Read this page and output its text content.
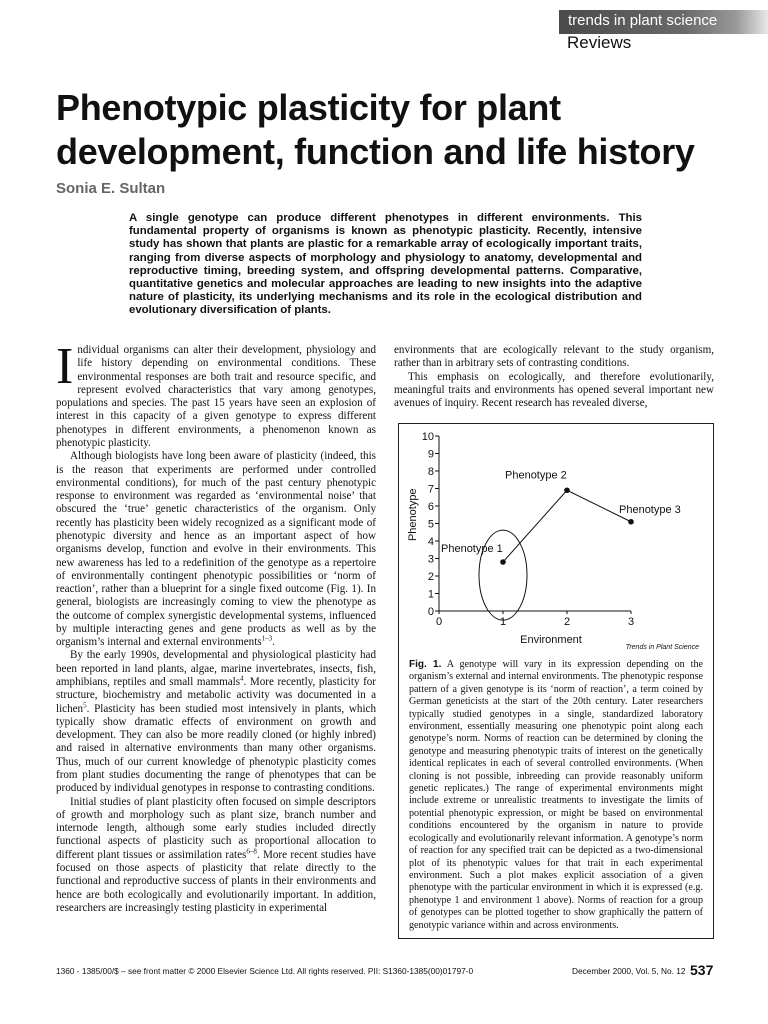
trends in plant science
Reviews
Phenotypic plasticity for plant development, function and life history
Sonia E. Sultan

A single genotype can produce different phenotypes in different environments. This fundamental property of organisms is known as phenotypic plasticity. Recently, intensive study has shown that plants are plastic for a remarkable array of ecologically important traits, ranging from diverse aspects of morphology and physiology to anatomy, developmental and reproductive timing, breeding system, and offspring developmental patterns. Comparative, quantitative genetics and molecular approaches are leading to new insights into the adaptive nature of plasticity, its underlying mechanisms and its role in the ecological distribution and evolutionary diversification of plants.

Individual organisms can alter their development, physiology and life history depending on environmental conditions. These environmental responses are both trait and resource specific, and represent evolved characteristics that vary among genotypes, populations and species. The past 15 years have seen an explosion of interest in this capacity of a given genotype to express different phenotypes in different environments, a phenomenon known as phenotypic plasticity.

Although biologists have long been aware of plasticity (indeed, this is the reason that experiments are performed under controlled environmental conditions), for much of the past century phenotypic response to environment was regarded as ‘environmental noise’ that obscured the ‘true’ genetic characteristics of the organism. Only recently has plasticity been widely recognized as a significant mode of phenotypic diversity and hence as an important aspect of how organisms develop, function and evolve in their environments. This new awareness has led to a redefinition of the genotype as a repertoire of environmentally contingent phenotypic possibilities or ‘norm of reaction’, rather than a blueprint for a single fixed outcome (Fig. 1). In general, biologists are increasingly coming to view the phenotype as the outcome of complex synergistic developmental systems, influenced by multiple interacting genes and gene products as well as by the organism’s internal and external environments$^{1-3}$.

By the early 1990s, developmental and physiological plasticity had been reported in land plants, algae, marine invertebrates, insects, fish, amphibians, reptiles and small mammals$^4$. More recently, plasticity for structure, biochemistry and metabolic activity was documented in a lichen$^5$. Plasticity has been studied most intensively in plants, which typically show dramatic effects of environment on growth and development. They can also be more readily cloned (or highly inbred) and raised in alternative environments than many other organisms. Thus, much of our current knowledge of phenotypic plasticity comes from plant studies documenting the range of phenotypes that can be produced by individual genotypes in response to contrasting conditions.

Initial studies of plant plasticity often focused on simple descriptors of growth and morphology such as plant size, branch number and internode length, although some early studies included directly functional aspects of plasticity such as proportional allocation to different plant tissues or assimilation rates$^{6-8}$. More recent studies have focused on those aspects of plasticity that relate directly to the functional and reproductive success of plants in their environments and hence are both ecologically and evolutionarily important. In addition, researchers are increasingly testing plasticity in experimental

environments that are ecologically relevant to the study organism, rather than in arbitrary sets of contrasting conditions.

This emphasis on ecologically, and therefore evolutionarily, meaningful traits and environments has opened several important new avenues of inquiry. Recent research has revealed diverse,

0
1
2
3
4
5
6
7
8
9
10
0	1	2	3
Environment
Phenotype
Phenotype 1
Phenotype 2
Phenotype 3
Trends in Plant Science

Fig. 1. A genotype will vary in its expression depending on the organism’s external and internal environments. The phenotypic response pattern of a given genotype is its ‘norm of reaction’, a term coined by German geneticists at the start of the 20th century. Later researchers typically studied genotypes in a single, standardized laboratory environment, essentially measuring one phenotypic point along each genotype’s norm. Norms of reaction can be determined by cloning the genotype and measuring phenotypic traits of interest on the genetically identical replicates in each of several controlled environments. (When cloning is not possible, inbreeding can provide reasonably uniform genetic replicates.) The range of experimental environments might include extreme or unrealistic treatments to investigate the limits of potential phenotypic expression, or might be based on environmental conditions encountered by the organism in nature to provide ecologically and evolutionarily relevant information. A genotype’s norm of reaction for any specified trait can be depicted as a two-dimensional plot of its phenotypic values for that trait in each experimental environment. Such a plot makes explicit association of a given phenotype with the particular environment in which it is expressed (e.g. phenotype 1 and environment 1 above). Norms of reaction for a group of genotypes can be plotted together to show graphically the pattern of genotypic variance within and across environments.

1360 - 1385/00/$ – see front matter © 2000 Elsevier Science Ltd. All rights reserved. PII: S1360-1385(00)01797-0	December 2000, Vol. 5, No. 12 537
